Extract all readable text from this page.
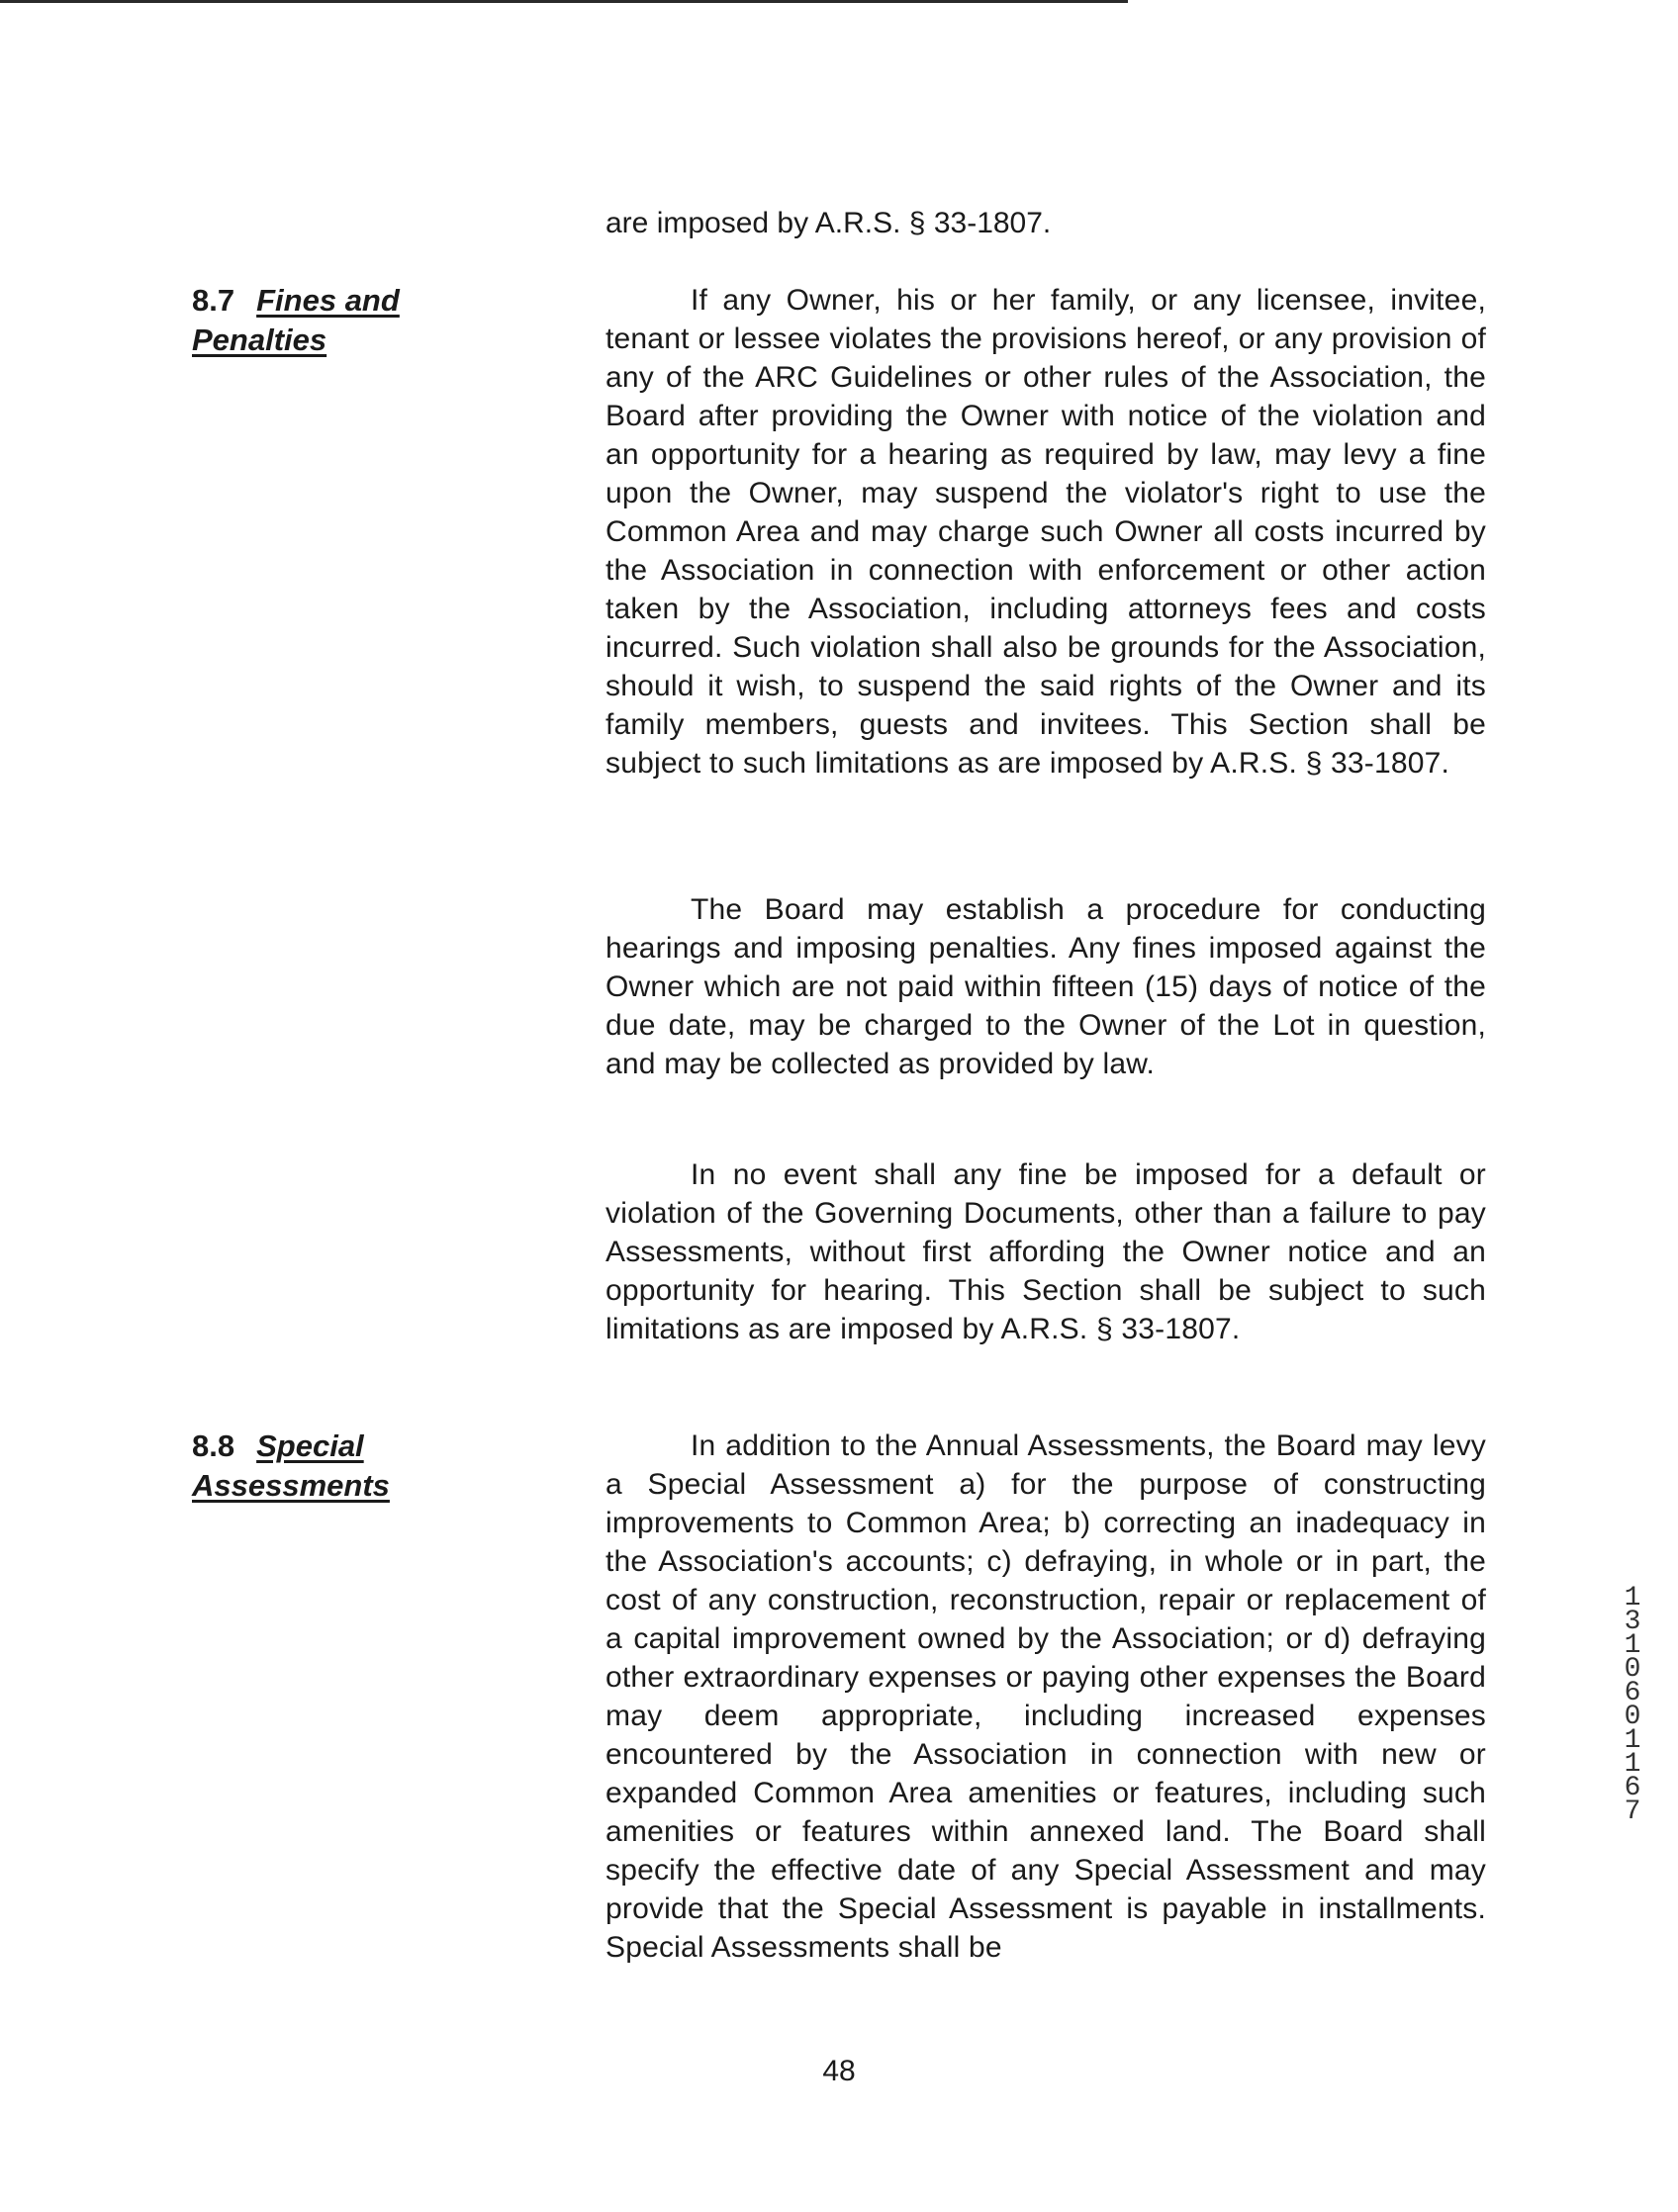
are imposed by A.R.S. § 33-1807.

8.7 Fines and Penalties

If any Owner, his or her family, or any licensee, invitee, tenant or lessee violates the provisions hereof, or any provision of any of the ARC Guidelines or other rules of the Association, the Board after providing the Owner with notice of the violation and an opportunity for a hearing as required by law, may levy a fine upon the Owner, may suspend the violator's right to use the Common Area and may charge such Owner all costs incurred by the Association in connection with enforcement or other action taken by the Association, including attorneys fees and costs incurred. Such violation shall also be grounds for the Association, should it wish, to suspend the said rights of the Owner and its family members, guests and invitees. This Section shall be subject to such limitations as are imposed by A.R.S. § 33-1807.

The Board may establish a procedure for conducting hearings and imposing penalties. Any fines imposed against the Owner which are not paid within fifteen (15) days of notice of the due date, may be charged to the Owner of the Lot in question, and may be collected as provided by law.

In no event shall any fine be imposed for a default or violation of the Governing Documents, other than a failure to pay Assessments, without first affording the Owner notice and an opportunity for hearing. This Section shall be subject to such limitations as are imposed by A.R.S. § 33-1807.

8.8 Special Assessments

In addition to the Annual Assessments, the Board may levy a Special Assessment a) for the purpose of constructing improvements to Common Area; b) correcting an inadequacy in the Association's accounts; c) defraying, in whole or in part, the cost of any construction, reconstruction, repair or replacement of a capital improvement owned by the Association; or d) defraying other extraordinary expenses or paying other expenses the Board may deem appropriate, including increased expenses encountered by the Association in connection with new or expanded Common Area amenities or features, including such amenities or features within annexed land. The Board shall specify the effective date of any Special Assessment and may provide that the Special Assessment is payable in installments. Special Assessments shall be

48

13106 01167
